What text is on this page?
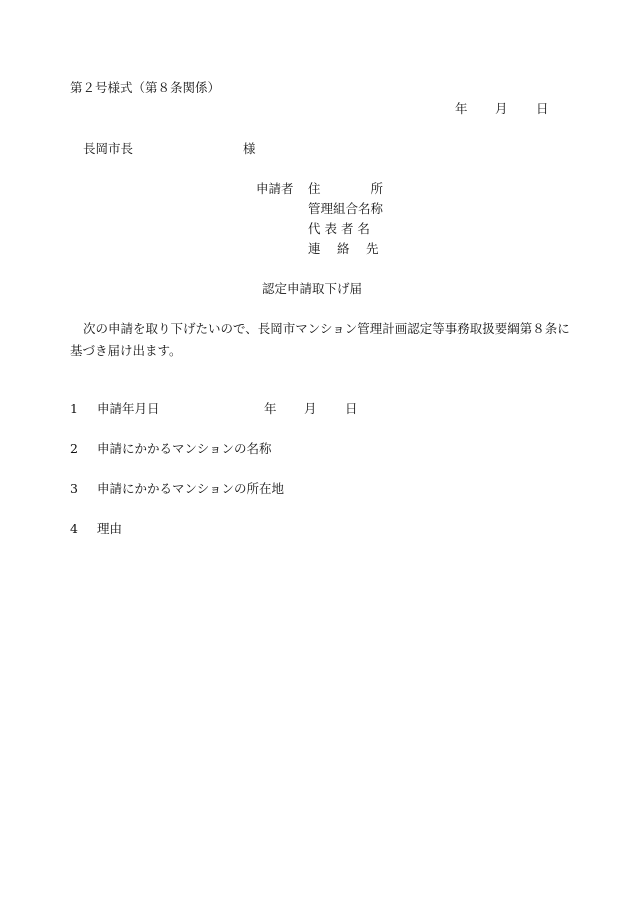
第２号様式（第８条関係）
年 月 日
長岡市長	様
申請者 住　　　　所
管理組合名称
代 表 者 名
連　 絡　 先
認定申請取下げ届
次の申請を取り下げたいので、長岡市マンション管理計画認定等事務取扱要綱第８条に基づき届け出ます。
1 申請年月日	年 月 日
2 申請にかかるマンションの名称
3 申請にかかるマンションの所在地
4 理由
